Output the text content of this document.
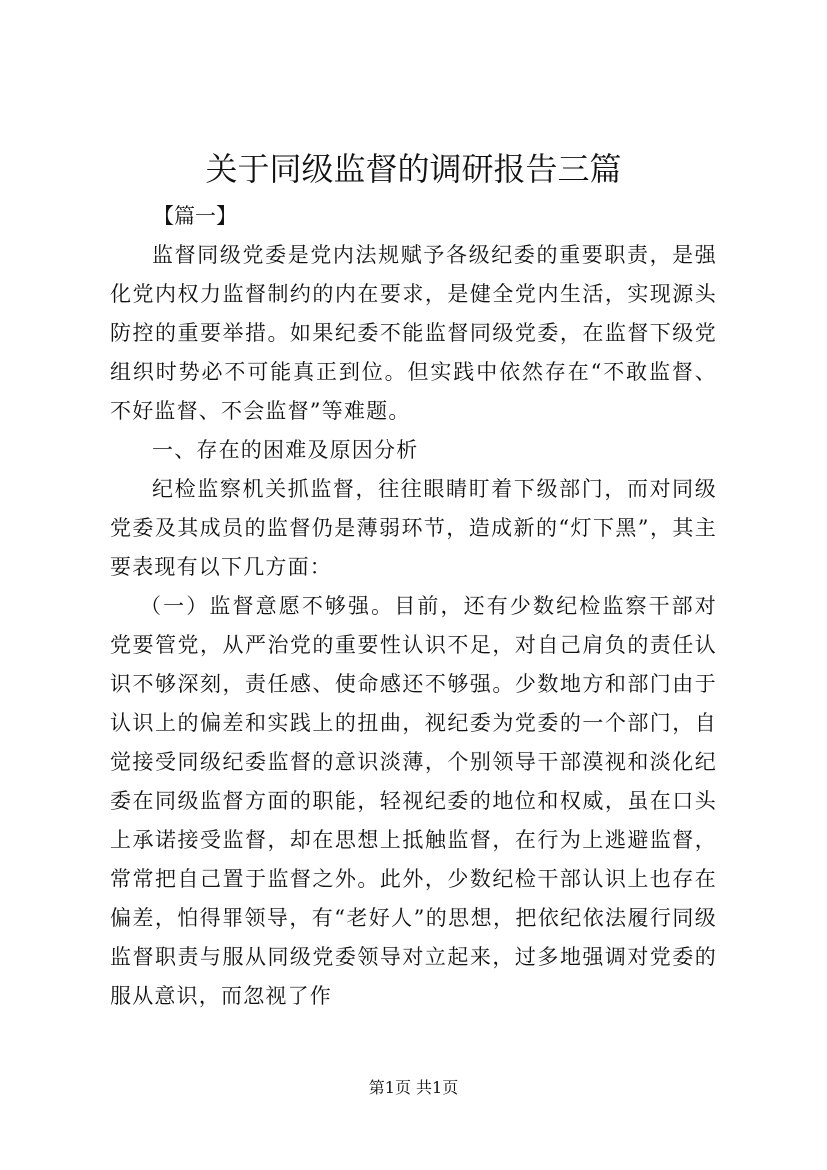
关于同级监督的调研报告三篇
【篇一】

监督同级党委是党内法规赋予各级纪委的重要职责，是强化党内权力监督制约的内在要求，是健全党内生活，实现源头防控的重要举措。如果纪委不能监督同级党委，在监督下级党组织时势必不可能真正到位。但实践中依然存在“不敢监督、不好监督、不会监督”等难题。

一、存在的困难及原因分析

纪检监察机关抓监督，往往眼睛盯着下级部门，而对同级党委及其成员的监督仍是薄弱环节，造成新的“灯下黑”，其主要表现有以下几方面：

（一）监督意愿不够强。目前，还有少数纪检监察干部对党要管党，从严治党的重要性认识不足，对自己肩负的责任认识不够深刻，责任感、使命感还不够强。少数地方和部门由于认识上的偏差和实践上的扭曲，视纪委为党委的一个部门，自觉接受同级纪委监督的意识淡薄，个别领导干部漠视和淡化纪委在同级监督方面的职能，轻视纪委的地位和权威，虽在口头上承诺接受监督，却在思想上抵触监督，在行为上逃避监督，常常把自己置于监督之外。此外，少数纪检干部认识上也存在偏差，怕得罪领导，有“老好人”的思想，把依纪依法履行同级监督职责与服从同级党委领导对立起来，过多地强调对党委的服从意识，而忽视了作

第1页 共1页
